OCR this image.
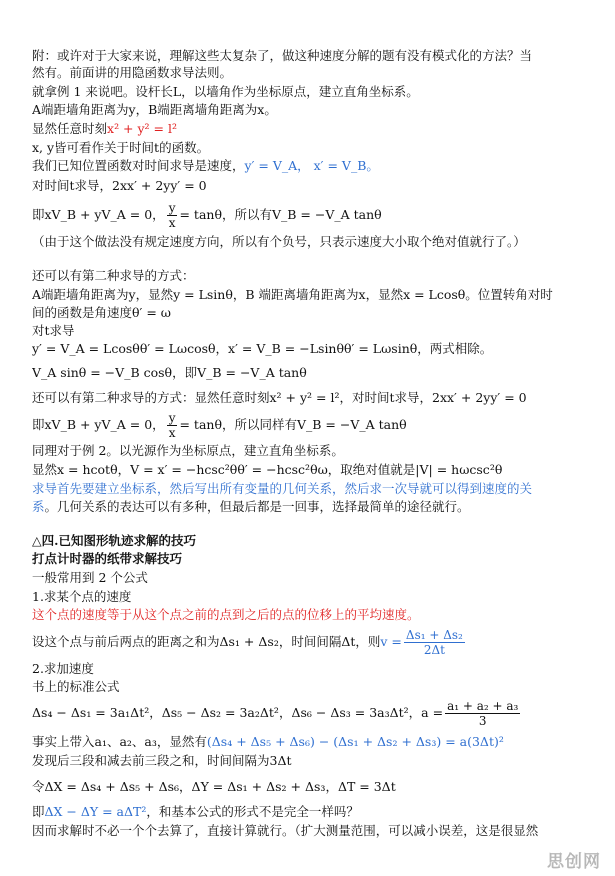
附：或许对于大家来说，理解这些太复杂了，做这种速度分解的题有没有模式化的方法？当
然有。前面讲的用隐函数求导法则。
就拿例 1 来说吧。设杆长L，以墙角作为坐标原点，建立直角坐标系。
A端距墙角距离为y，B端距离墙角距离为x。
显然任意时刻x² + y² = l²
x, y皆可看作关于时间t的函数。
我们已知位置函数对时间求导是速度，y′ = V_A， x′ = V_B。
对时间t求导，2xx′ + 2yy′ = 0
即xV_B + yV_A = 0， $\frac{y}{x} = \tan\theta$，所以有V_B = −V_A tanθ
（由于这个做法没有规定速度方向，所以有个负号，只表示速度大小取个绝对值就行了。）
还可以有第二种求导的方式：
A端距墙角距离为y，显然y = Lsinθ，B 端距离墙角距离为x，显然x = Lcosθ。位置转角对时
间的函数是角速度θ′ = ω
对t求导
y′ = V_A = Lcosθθ′ = Lωcosθ，x′ = V_B = −Lsinθθ′ = Lωsinθ，两式相除。
V_A sinθ = −V_B cosθ，即V_B = −V_A tanθ
还可以有第二种求导的方式：显然任意时刻x² + y² = l²，对时间t求导，2xx′ + 2yy′ = 0
即xV_B + yV_A = 0， $\frac{y}{x} = \tan\theta$，所以同样有V_B = −V_A tanθ
同理对于例 2。以光源作为坐标原点，建立直角坐标系。
显然x = hcotθ，V = x′ = −hcsc²θθ′ = −hcsc²θω，取绝对值就是|V| = hωcsc²θ
求导首先要建立坐标系，然后写出所有变量的几何关系，然后求一次导就可以得到速度的关
系。几何关系的表达可以有多种，但最后都是一回事，选择最简单的途径就行。
△四.已知图形轨迹求解的技巧
打点计时器的纸带求解技巧
一般常用到 2 个公式
1.求某个点的速度
这个点的速度等于从这个点之前的点到之后的点的位移上的平均速度。
设这个点与前后两点的距离之和为Δs₁ + Δs₂，时间间隔Δt，则$v = \frac{\text{Δs₁ + Δs₂}}{2\Delta t}$
2.求加速度
书上的标准公式
Δs₄ − Δs₁ = 3a₁Δt²，Δs₅ − Δs₂ = 3a₂Δt²，Δs₆ − Δs₃ = 3a₃Δt²，$a = \frac{\text{a₁ + a₂ + a₃}}{3}$
事实上带入a₁、a₂、a₃，显然有(Δs₄ + Δs₅ + Δs₆) − (Δs₁ + Δs₂ + Δs₃) = a(3Δt)²
发现后三段和减去前三段之和，时间间隔为3Δt
令ΔX = Δs₄ + Δs₅ + Δs₆，ΔY = Δs₁ + Δs₂ + Δs₃，ΔT = 3Δt
即ΔX − ΔY = aΔT²，和基本公式的形式不是完全一样吗？
因而求解时不必一个个去算了，直接计算就行。（扩大测量范围，可以减小误差，这是很显然
思创网
